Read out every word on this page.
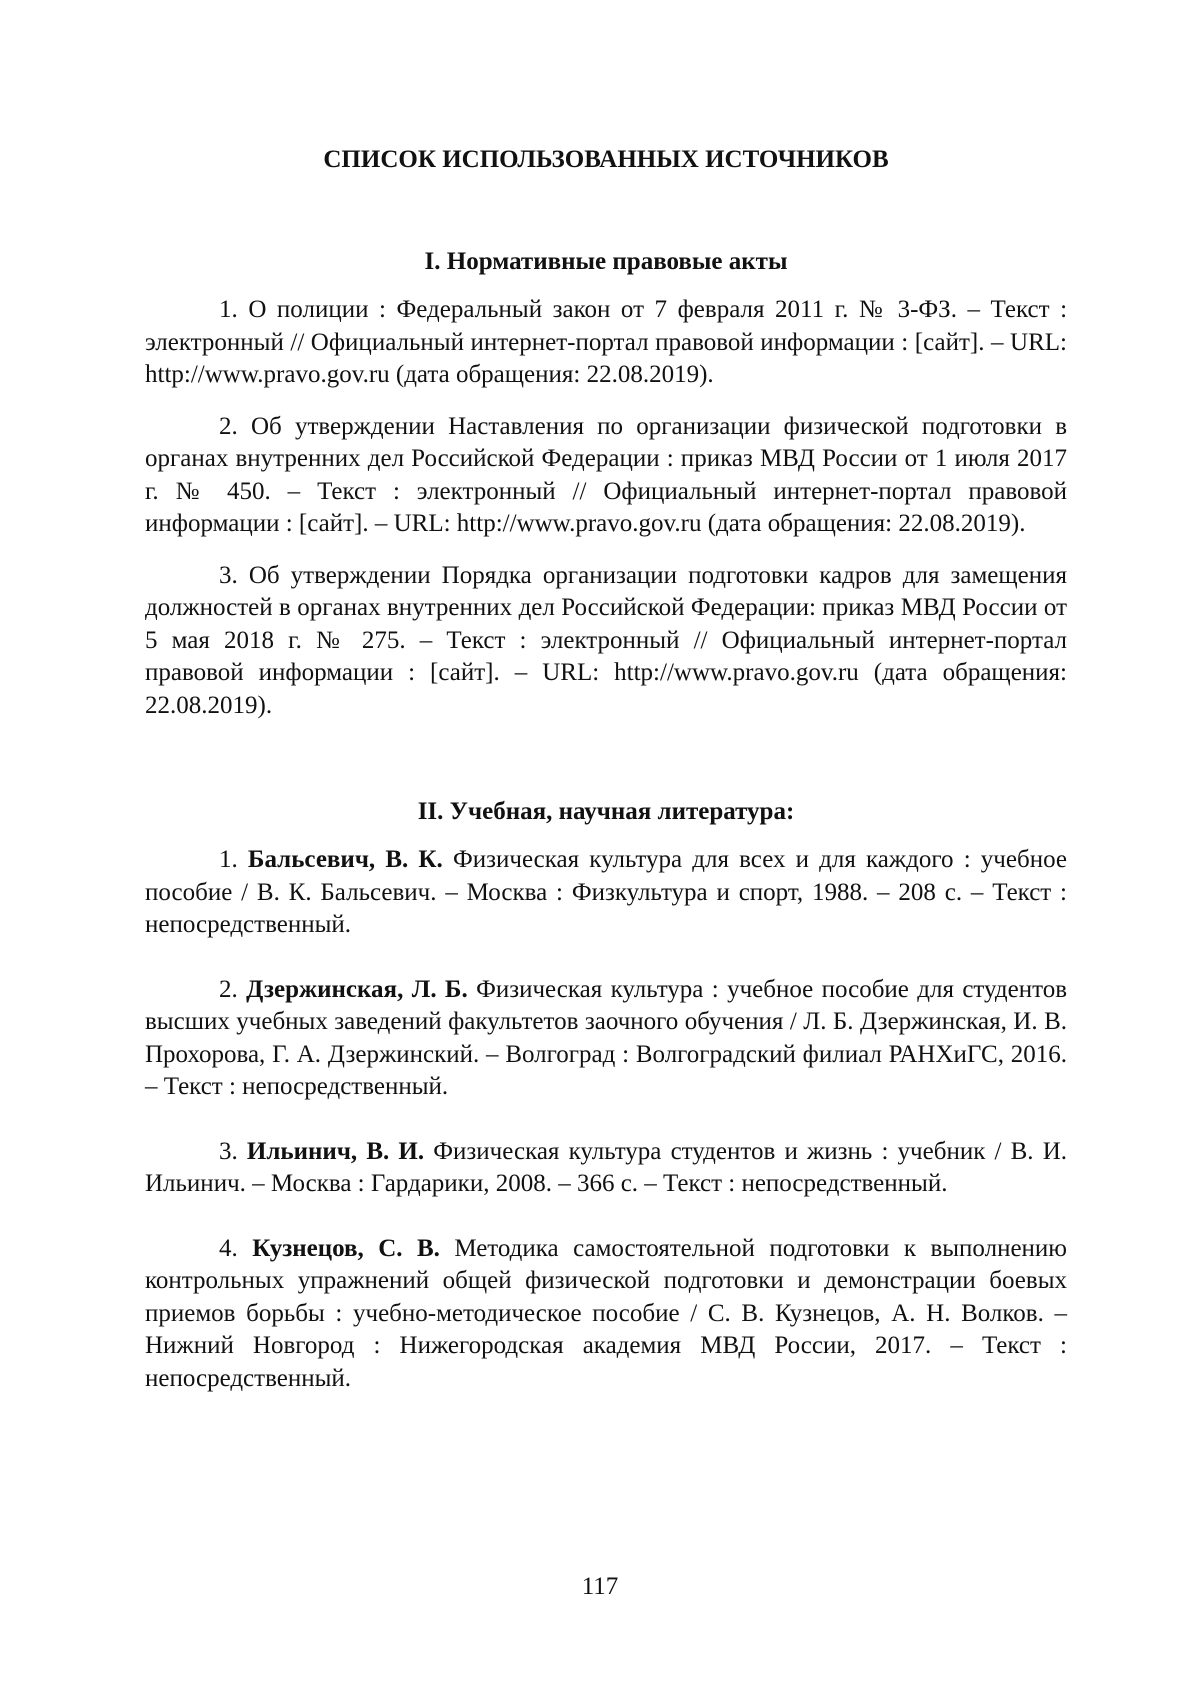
СПИСОК ИСПОЛЬЗОВАННЫХ ИСТОЧНИКОВ
I. Нормативные правовые акты

1. О полиции : Федеральный закон от 7 февраля 2011 г. № 3-ФЗ. – Текст : электронный // Официальный интернет-портал правовой информации : [сайт]. – URL: http://www.pravo.gov.ru (дата обращения: 22.08.2019).

2. Об утверждении Наставления по организации физической подготовки в органах внутренних дел Российской Федерации : приказ МВД России от 1 июля 2017 г. № 450. – Текст : электронный // Официальный интернет-портал правовой информации : [сайт]. – URL: http://www.pravo.gov.ru (дата обращения: 22.08.2019).

3. Об утверждении Порядка организации подготовки кадров для замещения должностей в органах внутренних дел Российской Федерации: приказ МВД России от 5 мая 2018 г. № 275. – Текст : электронный // Официальный интернет-портал правовой информации : [сайт]. – URL: http://www.pravo.gov.ru (дата обращения: 22.08.2019).

II. Учебная, научная литература:

1. Бальсевич, В. К. Физическая культура для всех и для каждого : учебное пособие / В. К. Бальсевич. – Москва : Физкультура и спорт, 1988. – 208 с. – Текст : непосредственный.

2. Дзержинская, Л. Б. Физическая культура : учебное пособие для студентов высших учебных заведений факультетов заочного обучения / Л. Б. Дзержинская, И. В. Прохорова, Г. А. Дзержинский. – Волгоград : Волгоградский филиал РАНХиГС, 2016. – Текст : непосредственный.

3. Ильинич, В. И. Физическая культура студентов и жизнь : учебник / В. И. Ильинич. – Москва : Гардарики, 2008. – 366 с. – Текст : непосредственный.

4. Кузнецов, С. В. Методика самостоятельной подготовки к выполнению контрольных упражнений общей физической подготовки и демонстрации боевых приемов борьбы : учебно-методическое пособие / С. В. Кузнецов, А. Н. Волков. – Нижний Новгород : Нижегородская академия МВД России, 2017. – Текст : непосредственный.

117
